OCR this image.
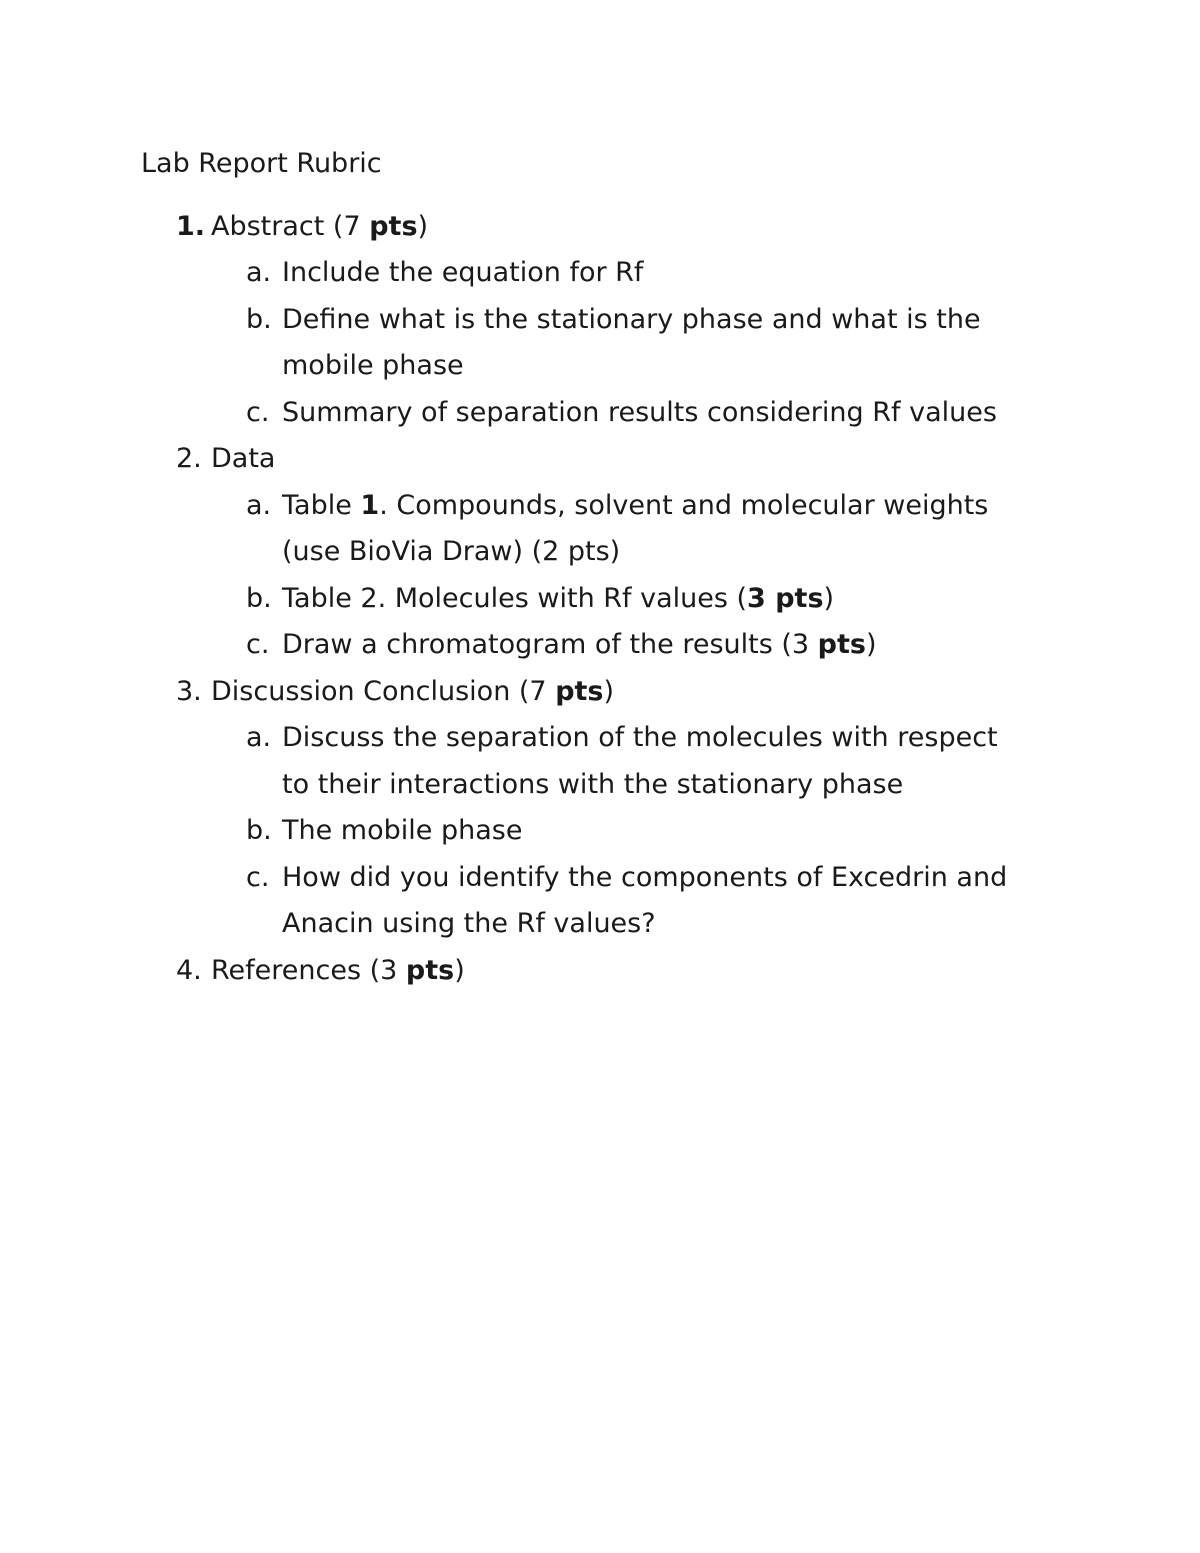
Lab Report Rubric
1. Abstract (7 pts)
a. Include the equation for Rf
b. Define what is the stationary phase and what is the
mobile phase
c. Summary of separation results considering Rf values
2. Data
a. Table 1. Compounds, solvent and molecular weights
(use BioVia Draw) (2 pts)
b. Table 2. Molecules with Rf values (3 pts)
c. Draw a chromatogram of the results (3 pts)
3. Discussion Conclusion (7 pts)
a. Discuss the separation of the molecules with respect
to their interactions with the stationary phase
b. The mobile phase
c. How did you identify the components of Excedrin and
Anacin using the Rf values?
4. References (3 pts)
